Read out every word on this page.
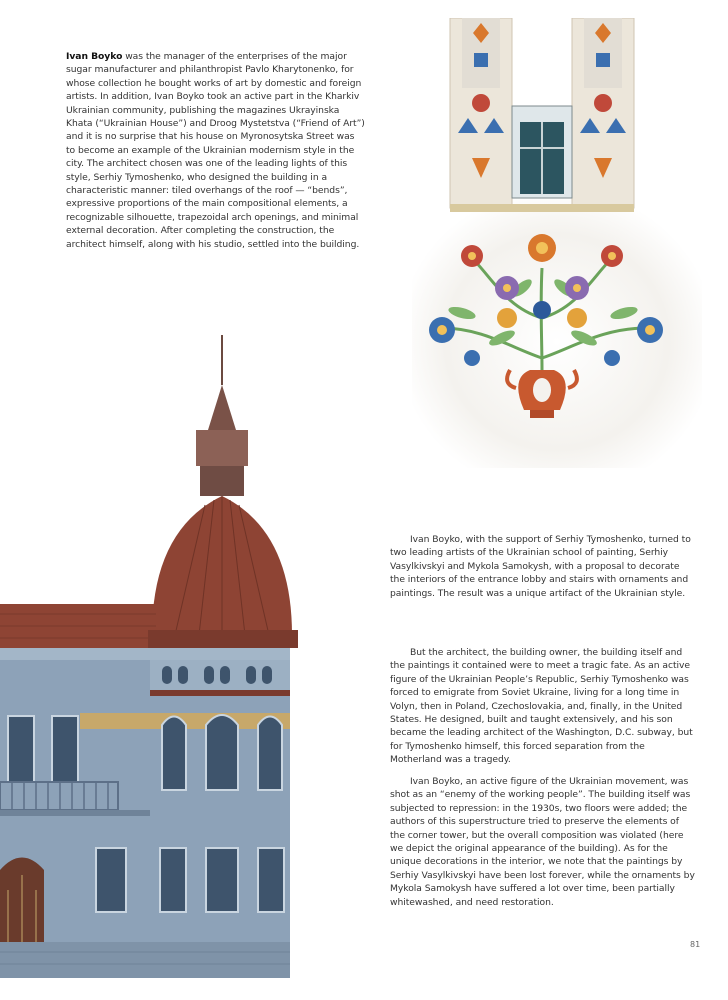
Ivan Boyko was the manager of the enterprises of the major sugar manufacturer and philanthropist Pavlo Kharytonenko, for whose collection he bought works of art by domestic and foreign artists. In addition, Ivan Boyko took an active part in the Kharkiv Ukrainian community, publishing the magazines Ukrayinska Khata (“Ukrainian House”) and Droog Mystetstva (“Friend of Art”) and it is no surprise that his house on Myronosytska Street was to become an example of the Ukrainian modernism style in the city. The architect chosen was one of the leading lights of this style, Serhiy Tymoshenko, who designed the building in a characteristic manner: tiled overhangs of the roof — “bends”, expressive proportions of the main compositional elements, a recognizable silhouette, trapezoidal arch openings, and minimal external decoration. After completing the construction, the architect himself, along with his studio, settled into the building.

Ivan Boyko, with the support of Serhiy Tymoshenko, turned to two leading artists of the Ukrainian school of painting, Serhiy Vasylkivskyi and Mykola Samokysh, with a proposal to decorate the interiors of the entrance lobby and stairs with ornaments and paintings. The result was a unique artifact of the Ukrainian style.

But the architect, the building owner, the building itself and the paintings it contained were to meet a tragic fate. As an active figure of the Ukrainian People’s Republic, Serhiy Tymoshenko was forced to emigrate from Soviet Ukraine, living for a long time in Volyn, then in Poland, Czechoslovakia, and, finally, in the United States. He designed, built and taught extensively, and his son became the leading architect of the Washington, D.C. subway, but for Tymoshenko himself, this forced separation from the Motherland was a tragedy.

Ivan Boyko, an active figure of the Ukrainian movement, was shot as an “enemy of the working people”. The building itself was subjected to repression: in the 1930s, two floors were added; the authors of this superstructure tried to preserve the elements of the corner tower, but the overall composition was violated (here we depict the original appearance of the building). As for the unique decorations in the interior, we note that the paintings by Serhiy Vasylkivskyi have been lost forever, while the ornaments by Mykola Samokysh have suffered a lot over time, been partially whitewashed, and need restoration.

81
